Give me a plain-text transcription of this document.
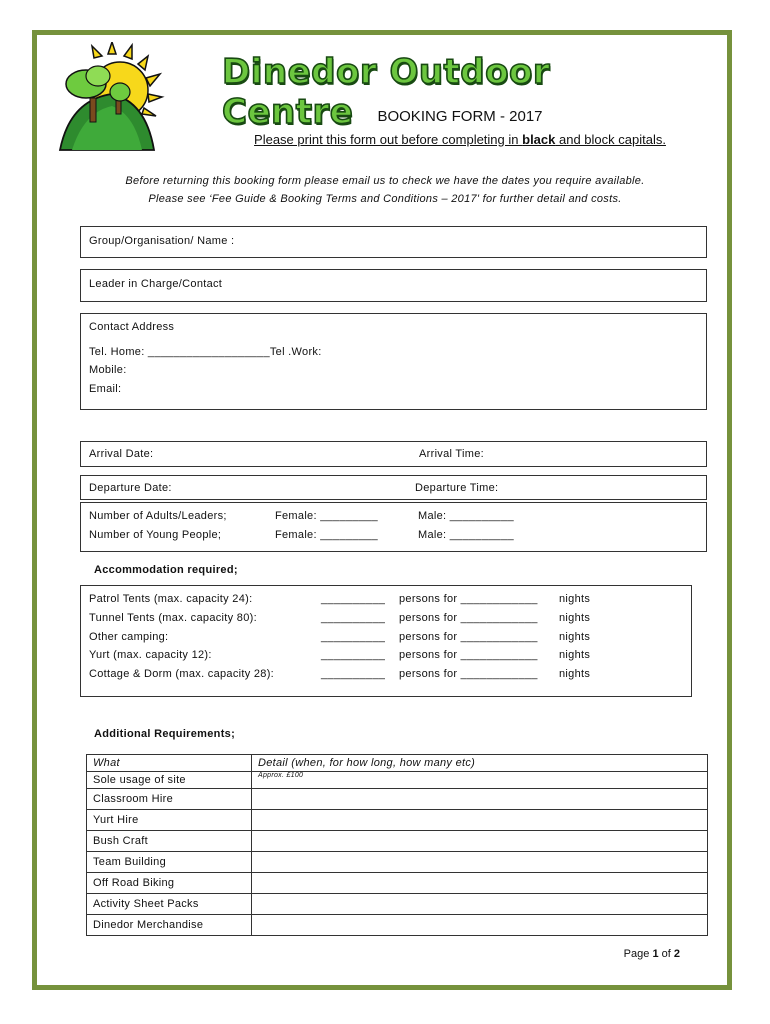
Dinedor Outdoor Centre	BOOKING FORM - 2017
Please print this form out before completing in black and block capitals.
Before returning this booking form please email us to check we have the dates you require available.
Please see ‘Fee Guide & Booking Terms and Conditions – 2017' for further detail and costs.
Group/Organisation/ Name :
Leader in Charge/Contact
Contact Address
Tel. Home: ___________________Tel .Work:
Mobile:
Email:
Arrival Date:	Arrival Time:
Departure Date:	Departure Time:
Number of Adults/Leaders;	Female: _________	Male: __________
Number of Young People;	Female: _________	Male: __________
Accommodation required;
Patrol Tents (max. capacity 24):	__________ persons for ____________ nights
Tunnel Tents (max. capacity 80):	__________ persons for ____________ nights
Other camping:	__________ persons for ____________ nights
Yurt (max. capacity 12):	__________ persons for ____________ nights
Cottage & Dorm (max. capacity 28):	__________ persons for ____________ nights
Additional Requirements;
What	Detail (when, for how long, how many etc)
Sole usage of site	Approx. £100

Classroom Hire	
Yurt Hire	
Bush Craft	
Team Building	
Off Road Biking	
Activity Sheet Packs	
Dinedor Merchandise	
Page 1 of 2
